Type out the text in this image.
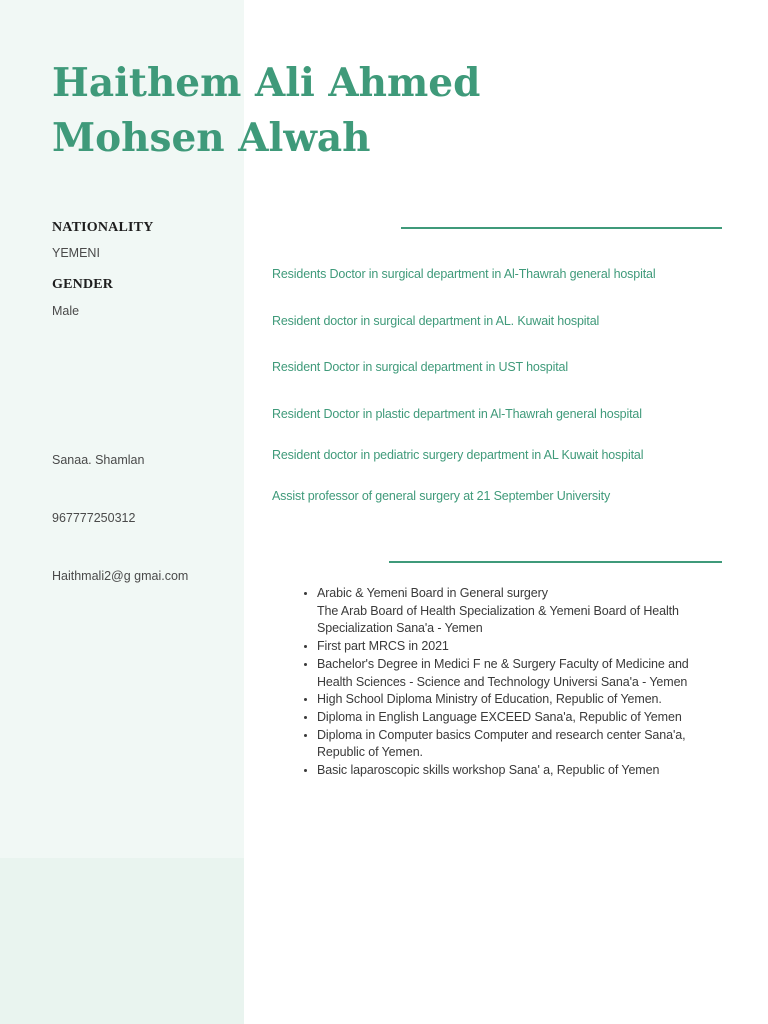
Haithem Ali Ahmed
Mohsen Alwah

NATIONALITY

YEMENI

GENDER

Male

Sanaa. Shamlan

967777250312

Haithmali2@g gmai.com

Residents Doctor in surgical department in Al-Thawrah general hospital
Resident doctor in surgical department in AL. Kuwait hospital
Resident Doctor in surgical department in UST hospital
Resident Doctor in plastic department in Al-Thawrah general hospital
Resident doctor in pediatric surgery department in AL Kuwait hospital
Assist professor of general surgery at 21 September University
• Arabic & Yemeni Board in General surgery
The Arab Board of Health Specialization & Yemeni Board of Health
Specialization Sana'a - Yemen
• First part MRCS in 2021
• Bachelor's Degree in Medici F ne & Surgery Faculty of Medicine and
Health Sciences - Science and Technology Universi Sana'a - Yemen
• High School Diploma Ministry of Education, Republic of Yemen.
• Diploma in English Language EXCEED Sana'a, Republic of Yemen
• Diploma in Computer basics Computer and research center Sana'a,
Republic of Yemen.
• Basic laparoscopic skills workshop Sana' a, Republic of Yemen
